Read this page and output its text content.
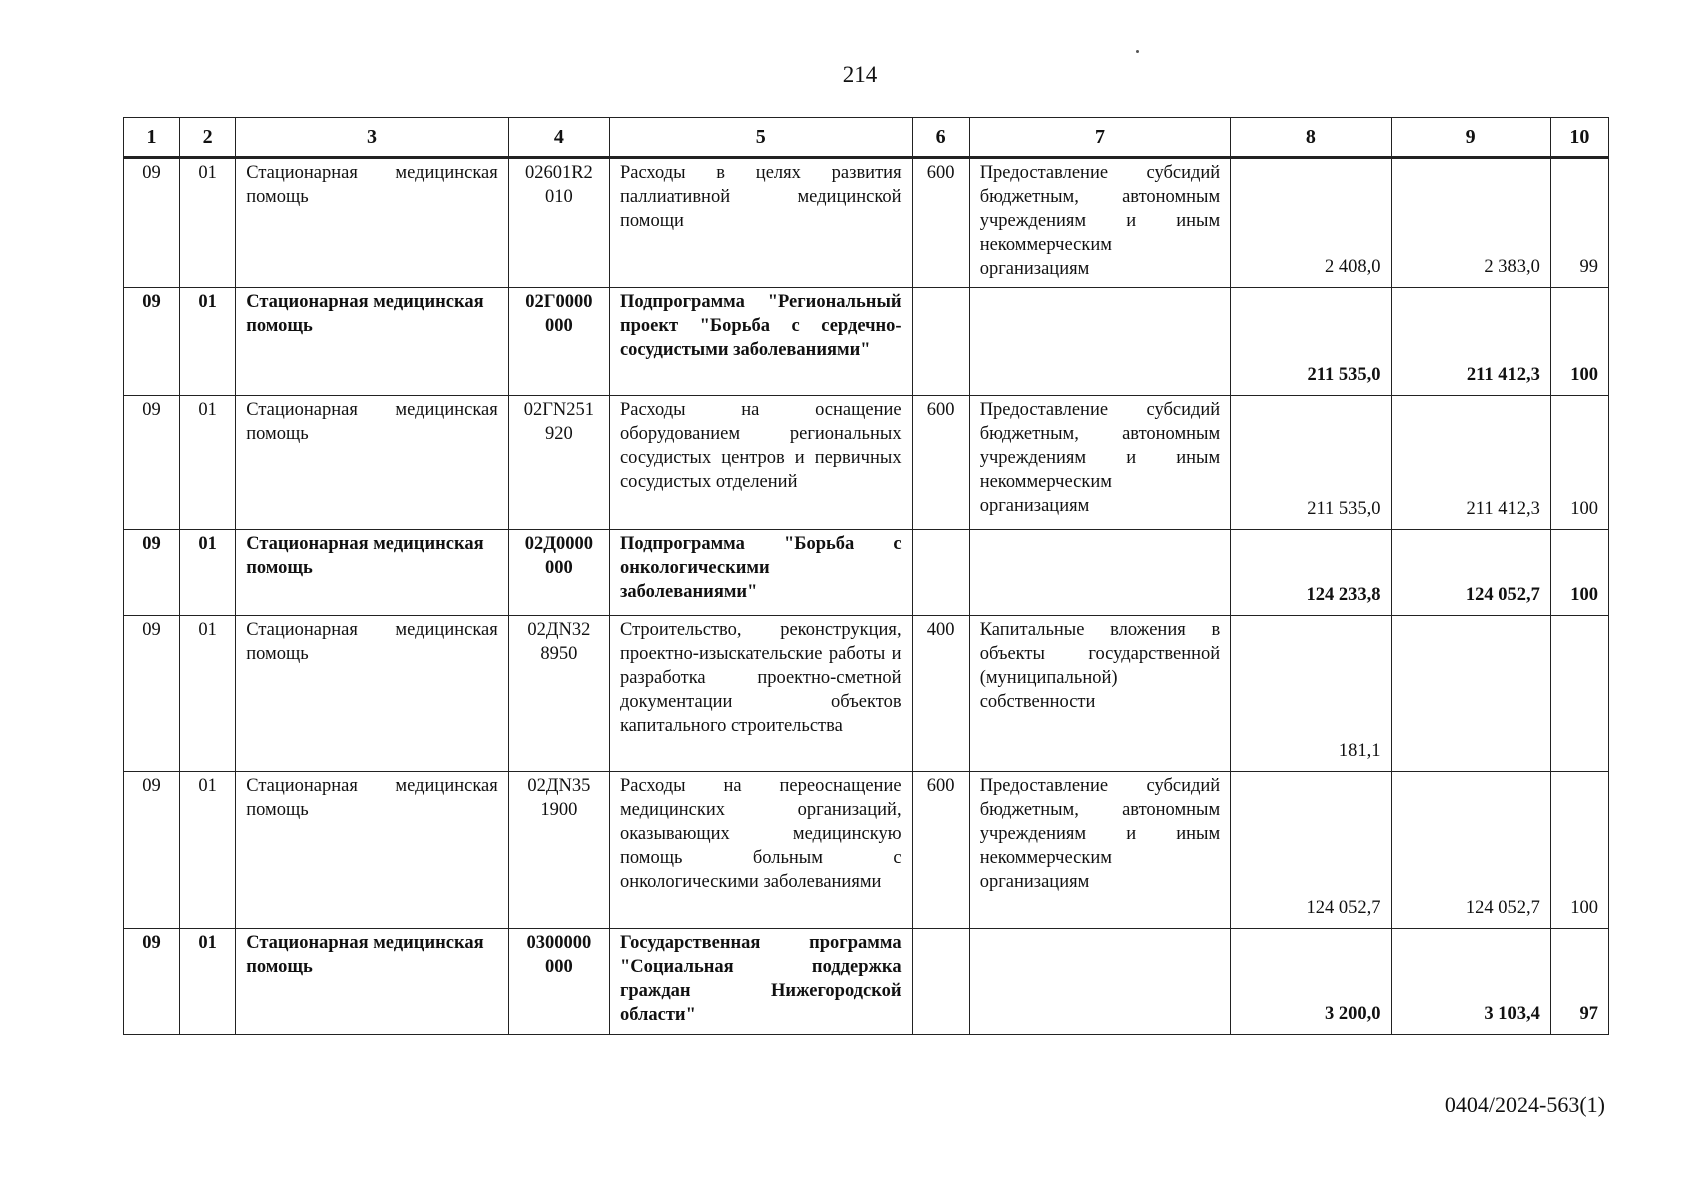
214
1	2	3	4	5	6	7	8	9	10
09	01	Стационарная медицинская помощь	02601R2 010	Расходы в целях развития паллиативной медицинской помощи	600	Предоставление субсидий бюджетным, автономным учреждениям и иным некоммерческим организациям	2 408,0	2 383,0	99
09	01	Стационарная медицинская помощь	02Г0000 000	Подпрограмма "Региональный проект "Борьба с сердечно-сосудистыми заболеваниями"			211 535,0	211 412,3	100
09	01	Стационарная медицинская помощь	02ГN251 920	Расходы на оснащение оборудованием региональных сосудистых центров и первичных сосудистых отделений	600	Предоставление субсидий бюджетным, автономным учреждениям и иным некоммерческим организациям	211 535,0	211 412,3	100
09	01	Стационарная медицинская помощь	02Д0000 000	Подпрограмма "Борьба с онкологическими заболеваниями"			124 233,8	124 052,7	100
09	01	Стационарная медицинская помощь	02ДN32 8950	Строительство, реконструкция, проектно-изыскательские работы и разработка проектно-сметной документации объектов капитального строительства	400	Капитальные вложения в объекты государственной (муниципальной) собственности	181,1		
09	01	Стационарная медицинская помощь	02ДN35 1900	Расходы на переоснащение медицинских организаций, оказывающих медицинскую помощь больным с онкологическими заболеваниями	600	Предоставление субсидий бюджетным, автономным учреждениям и иным некоммерческим организациям	124 052,7	124 052,7	100
09	01	Стационарная медицинская помощь	0300000 000	Государственная программа "Социальная поддержка граждан Нижегородской области"			3 200,0	3 103,4	97
0404/2024-563(1)
